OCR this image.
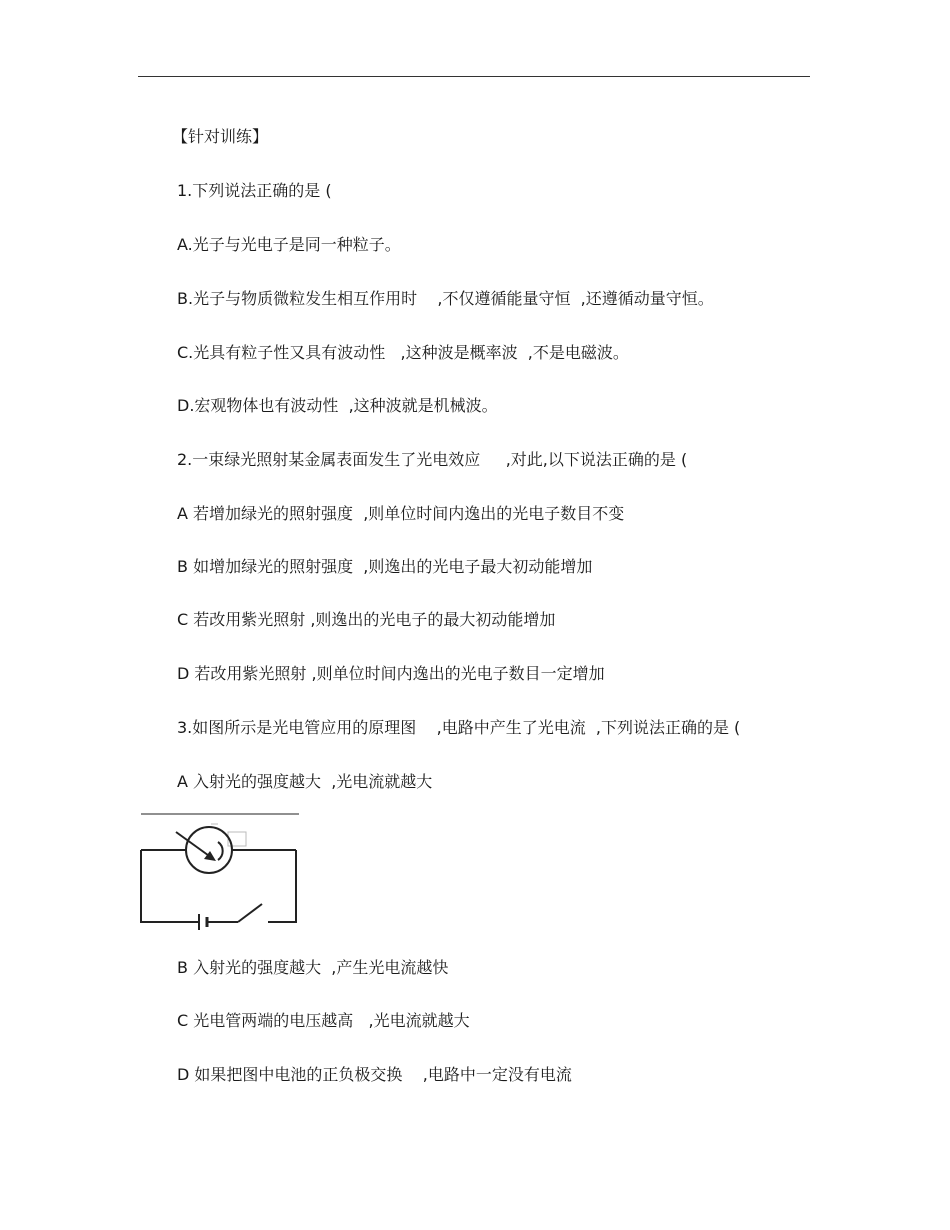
【针对训练】
1.下列说法正确的是 (
A.光子与光电子是同一种粒子。
B.光子与物质微粒发生相互作用时    ,不仅遵循能量守恒  ,还遵循动量守恒。
C.光具有粒子性又具有波动性   ,这种波是概率波  ,不是电磁波。
D.宏观物体也有波动性  ,这种波就是机械波。
2.一束绿光照射某金属表面发生了光电效应     ,对此,以下说法正确的是 (
A 若增加绿光的照射强度  ,则单位时间内逸出的光电子数目不变
B 如增加绿光的照射强度  ,则逸出的光电子最大初动能增加
C 若改用紫光照射 ,则逸出的光电子的最大初动能增加
D 若改用紫光照射 ,则单位时间内逸出的光电子数目一定增加
3.如图所示是光电管应用的原理图    ,电路中产生了光电流  ,下列说法正确的是 (
A 入射光的强度越大  ,光电流就越大
B 入射光的强度越大  ,产生光电流越快
C 光电管两端的电压越高   ,光电流就越大
D 如果把图中电池的正负极交换    ,电路中一定没有电流
